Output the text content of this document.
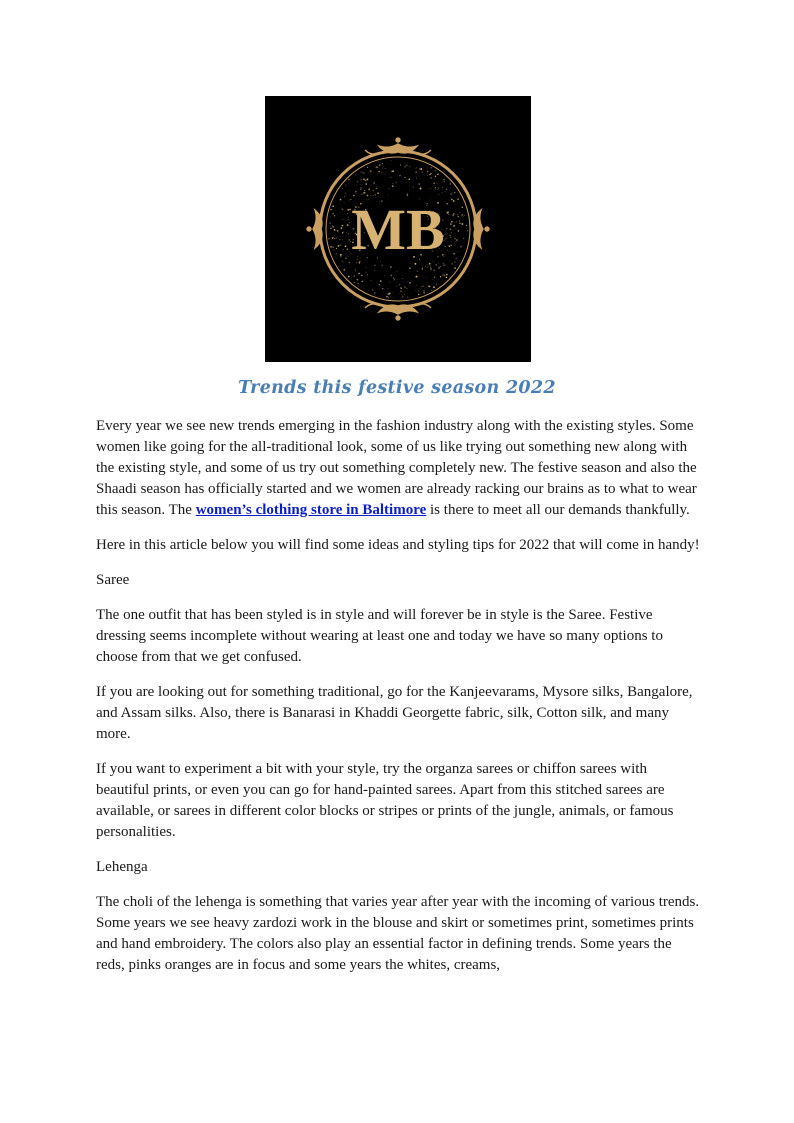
MB
Trends this festive season 2022

Every year we see new trends emerging in the fashion industry along with the existing styles. Some women like going for the all-traditional look, some of us like trying out something new along with the existing style, and some of us try out something completely new. The festive season and also the Shaadi season has officially started and we women are already racking our brains as to what to wear this season. The women’s clothing store in Baltimore is there to meet all our demands thankfully.

Here in this article below you will find some ideas and styling tips for 2022 that will come in handy!

Saree

The one outfit that has been styled is in style and will forever be in style is the Saree. Festive dressing seems incomplete without wearing at least one and today we have so many options to choose from that we get confused.

If you are looking out for something traditional, go for the Kanjeevarams, Mysore silks, Bangalore, and Assam silks. Also, there is Banarasi in Khaddi Georgette fabric, silk, Cotton silk, and many more.

If you want to experiment a bit with your style, try the organza sarees or chiffon sarees with beautiful prints, or even you can go for hand-painted sarees. Apart from this stitched sarees are available, or sarees in different color blocks or stripes or prints of the jungle, animals, or famous personalities.

Lehenga

The choli of the lehenga is something that varies year after year with the incoming of various trends. Some years we see heavy zardozi work in the blouse and skirt or sometimes print, sometimes prints and hand embroidery. The colors also play an essential factor in defining trends. Some years the reds, pinks oranges are in focus and some years the whites, creams,
